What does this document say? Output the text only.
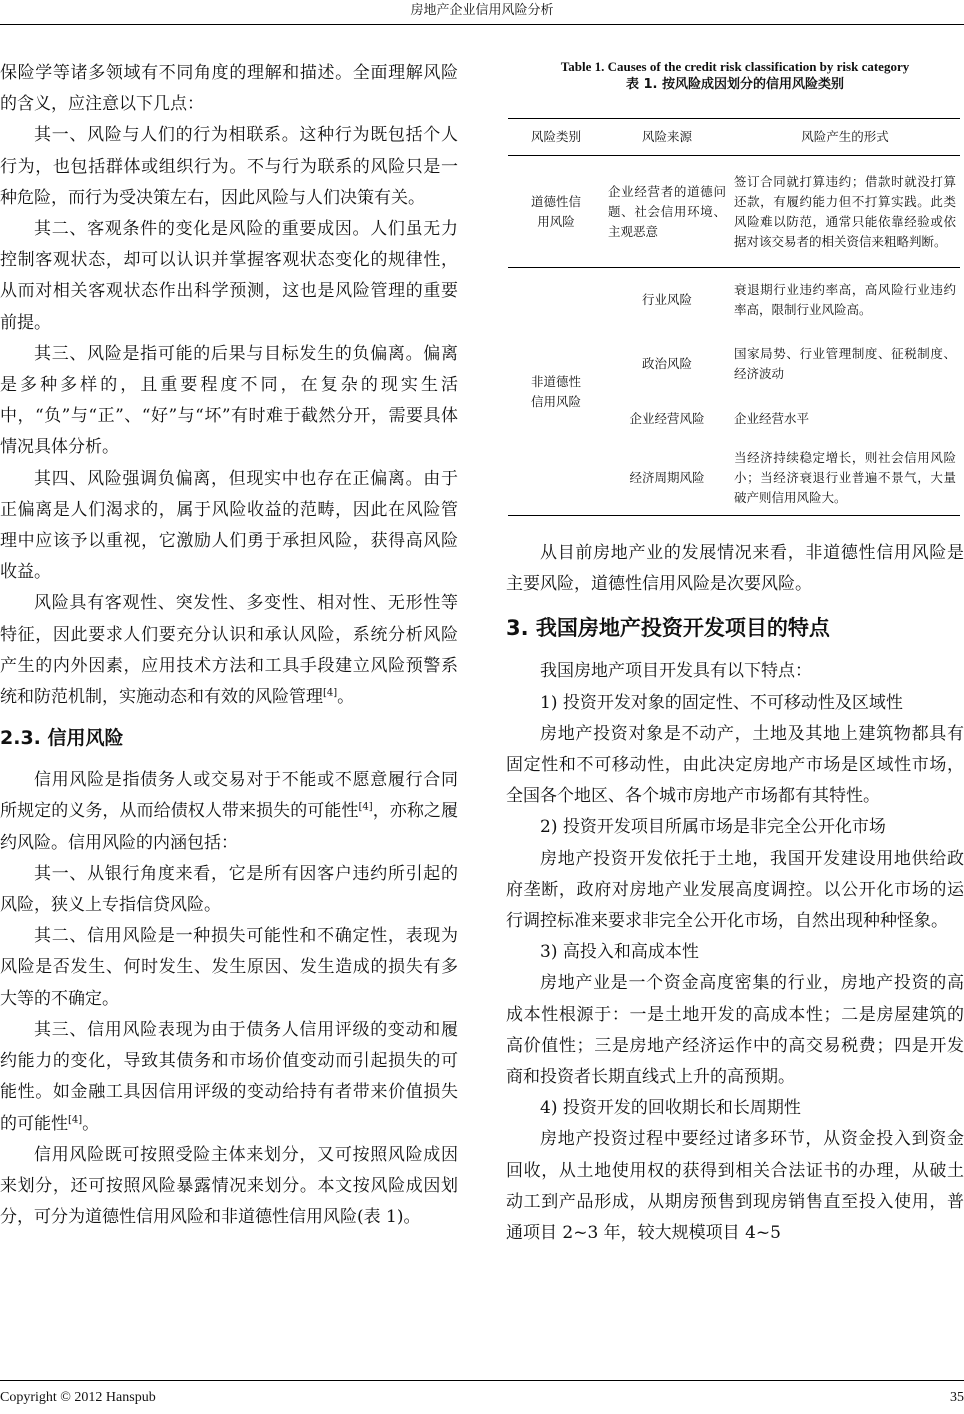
房地产企业信用风险分析

保险学等诸多领域有不同角度的理解和描述。全面理解风险的含义，应注意以下几点：

其一、风险与人们的行为相联系。这种行为既包括个人行为，也包括群体或组织行为。不与行为联系的风险只是一种危险，而行为受决策左右，因此风险与人们决策有关。

其二、客观条件的变化是风险的重要成因。人们虽无力控制客观状态，却可以认识并掌握客观状态变化的规律性，从而对相关客观状态作出科学预测，这也是风险管理的重要前提。

其三、风险是指可能的后果与目标发生的负偏离。偏离是多种多样的，且重要程度不同，在复杂的现实生活中，“负”与“正”、“好”与“坏”有时难于截然分开，需要具体情况具体分析。

其四、风险强调负偏离，但现实中也存在正偏离。由于正偏离是人们渴求的，属于风险收益的范畴，因此在风险管理中应该予以重视，它激励人们勇于承担风险，获得高风险收益。

风险具有客观性、突发性、多变性、相对性、无形性等特征，因此要求人们要充分认识和承认风险，系统分析风险产生的内外因素，应用技术方法和工具手段建立风险预警系统和防范机制，实施动态和有效的风险管理[4]。

2.3. 信用风险

信用风险是指债务人或交易对于不能或不愿意履行合同所规定的义务，从而给债权人带来损失的可能性[4]，亦称之履约风险。信用风险的内涵包括：

其一、从银行角度来看，它是所有因客户违约所引起的风险，狭义上专指信贷风险。

其二、信用风险是一种损失可能性和不确定性，表现为风险是否发生、何时发生、发生原因、发生造成的损失有多大等的不确定。

其三、信用风险表现为由于债务人信用评级的变动和履约能力的变化，导致其债务和市场价值变动而引起损失的可能性。如金融工具因信用评级的变动给持有者带来价值损失的可能性[4]。

信用风险既可按照受险主体来划分，又可按照风险成因来划分，还可按照风险暴露情况来划分。本文按风险成因划分，可分为道德性信用风险和非道德性信用风险(表 1)。

Table 1. Causes of the credit risk classification by risk category
表 1. 按风险成因划分的信用风险类别
风险类别	风险来源	风险产生的形式
道德性信用风险	企业经营者的道德问题、社会信用环境、主观恶意	签订合同就打算违约；借款时就没打算还款，有履约能力但不打算实践。此类风险难以防范，通常只能依靠经验或依据对该交易者的相关资信来粗略判断。
非道德性信用风险	行业风险	衰退期行业违约率高，高风险行业违约率高，限制行业风险高。
	政治风险	国家局势、行业管理制度、征税制度、经济波动
	企业经营风险	企业经营水平
	经济周期风险	当经济持续稳定增长，则社会信用风险小；当经济衰退行业普遍不景气，大量破产则信用风险大。

从目前房地产业的发展情况来看，非道德性信用风险是主要风险，道德性信用风险是次要风险。

3. 我国房地产投资开发项目的特点

我国房地产项目开发具有以下特点：

1) 投资开发对象的固定性、不可移动性及区域性

房地产投资对象是不动产，土地及其地上建筑物都具有固定性和不可移动性，由此决定房地产市场是区域性市场，全国各个地区、各个城市房地产市场都有其特性。

2) 投资开发项目所属市场是非完全公开化市场

房地产投资开发依托于土地，我国开发建设用地供给政府垄断，政府对房地产业发展高度调控。以公开化市场的运行调控标准来要求非完全公开化市场，自然出现种种怪象。

3) 高投入和高成本性

房地产业是一个资金高度密集的行业，房地产投资的高成本性根源于：一是土地开发的高成本性；二是房屋建筑的高价值性；三是房地产经济运作中的高交易税费；四是开发商和投资者长期直线式上升的高预期。

4) 投资开发的回收期长和长周期性

房地产投资过程中要经过诸多环节，从资金投入到资金回收，从土地使用权的获得到相关合法证书的办理，从破土动工到产品形成，从期房预售到现房销售直至投入使用，普通项目 2~3 年，较大规模项目 4~5

Copyright © 2012 Hanspub	35
